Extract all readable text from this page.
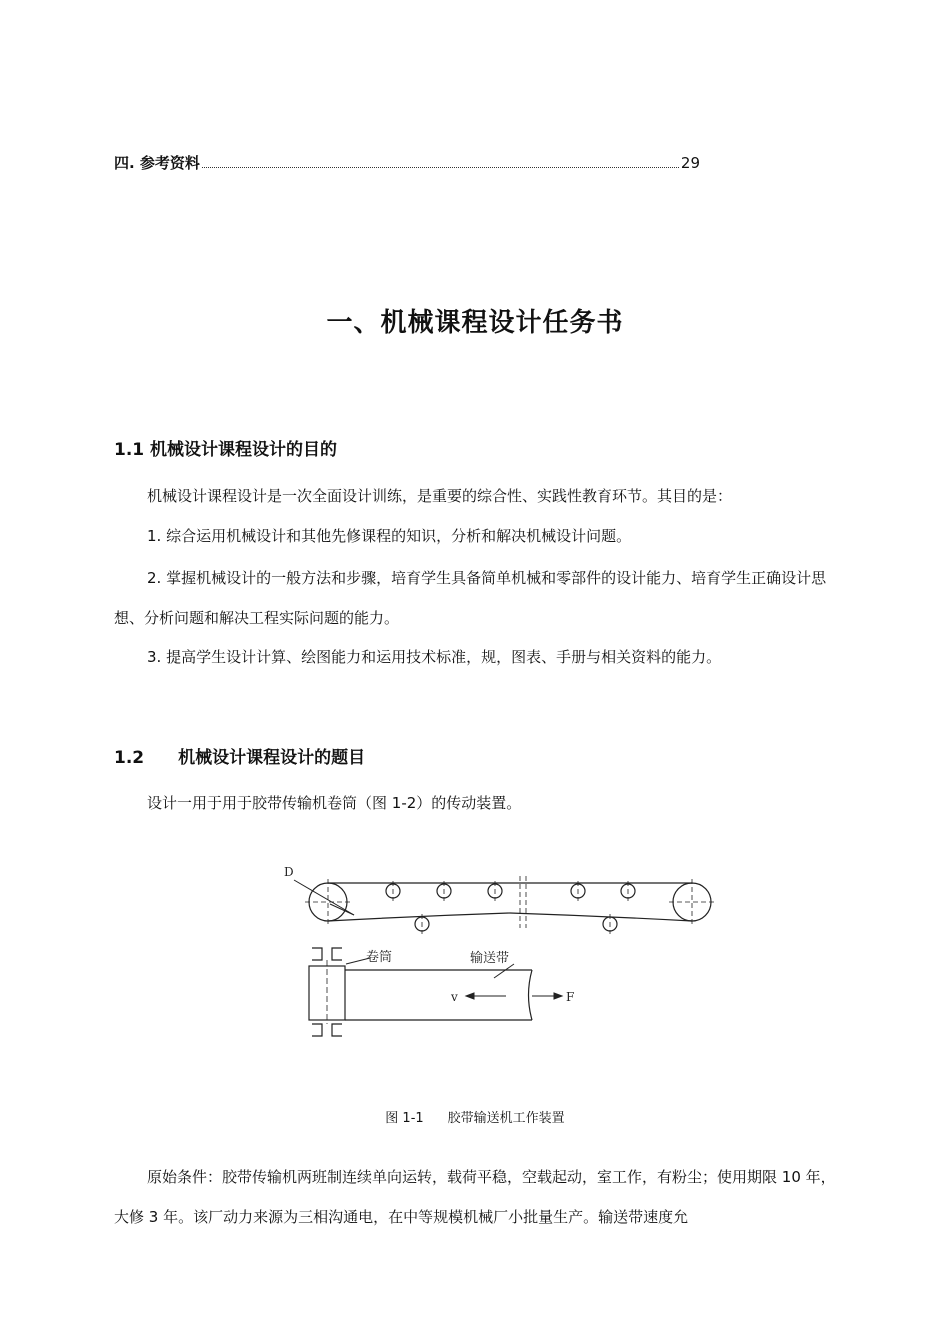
四. 参考资料	29
一、机械课程设计任务书
1.1 机械设计课程设计的目的
机械设计课程设计是一次全面设计训练，是重要的综合性、实践性教育环节。其目的是：
1. 综合运用机械设计和其他先修课程的知识，分析和解决机械设计问题。
2. 掌握机械设计的一般方法和步骤，培育学生具备简单机械和零部件的设计能力、培育学生正确设计思想、分析问题和解决工程实际问题的能力。
3. 提高学生设计计算、绘图能力和运用技术标准，规，图表、手册与相关资料的能力。
1.2 机械设计课程设计的题目
设计一用于用于胶带传输机卷筒（图 1-2）的传动装置。
D
卷筒	输送带
v	F
图 1-1 胶带输送机工作装置
原始条件：胶带传输机两班制连续单向运转，载荷平稳，空载起动，室工作，有粉尘；使用期限 10 年，大修 3 年。该厂动力来源为三相沟通电，在中等规模机械厂小批量生产。输送带速度允
